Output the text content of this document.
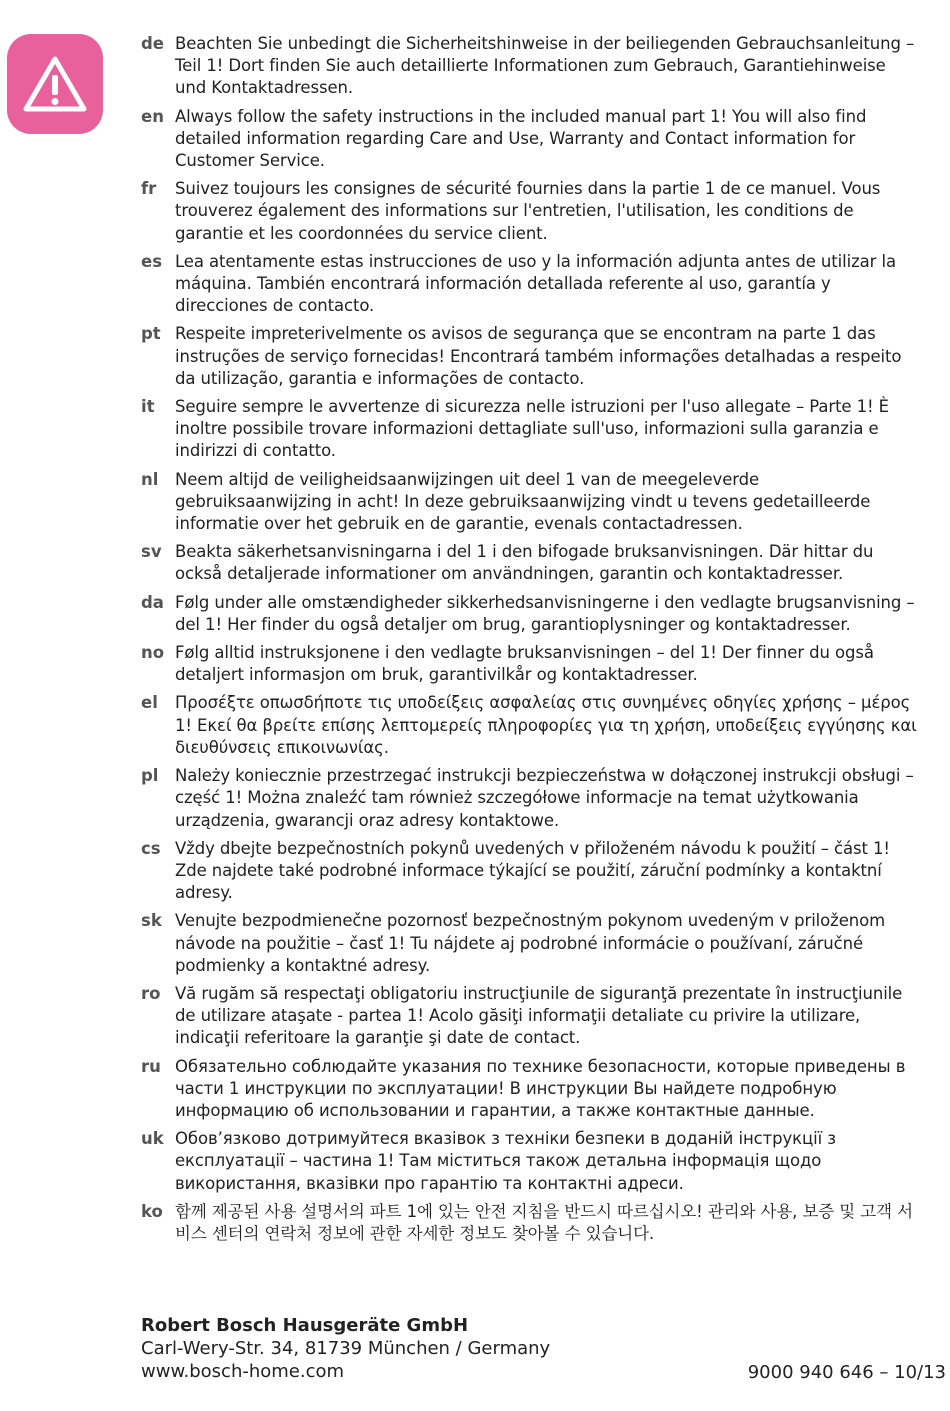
de Beachten Sie unbedingt die Sicherheitshinweise in der beiliegenden Gebrauchsanleitung – Teil 1! Dort finden Sie auch detaillierte Informationen zum Gebrauch, Garantiehinweise und Kontaktadressen.
en Always follow the safety instructions in the included manual part 1! You will also find detailed information regarding Care and Use, Warranty and Contact information for Customer Service.
fr	Suivez toujours les consignes de sécurité fournies dans la partie 1 de ce manuel. Vous trouverez également des informations sur l'entretien, l'utilisation, les conditions de garantie et les coordonnées du service client.
es Lea atentamente estas instrucciones de uso y la información adjunta antes de utilizar la máquina. También encontrará información detallada referente al uso, garantía y direcciones de contacto.
pt Respeite impreterivelmente os avisos de segurança que se encontram na parte 1 das instruções de serviço fornecidas! Encontrará também informações detalhadas a respeito da utilização, garantia e informações de contacto.
it	Seguire sempre le avvertenze di sicurezza nelle istruzioni per l'uso allegate – Parte 1! È inoltre possibile trovare informazioni dettagliate sull'uso, informazioni sulla garanzia e indirizzi di contatto.
nl	Neem altijd de veiligheidsaanwijzingen uit deel 1 van de meegeleverde gebruiksaanwijzing in acht! In deze gebruiksaanwijzing vindt u tevens gedetailleerde informatie over het gebruik en de garantie, evenals contactadressen.
sv Beakta säkerhetsanvisningarna i del 1 i den bifogade bruksanvisningen. Där hittar du också detaljerade informationer om användningen, garantin och kontaktadresser.
da Følg under alle omstændigheder sikkerhedsanvisningerne i den vedlagte brugsanvisning – del 1! Her finder du også detaljer om brug, garantioplysninger og kontaktadresser.
no Følg alltid instruksjonene i den vedlagte bruksanvisningen – del 1! Der finner du også detaljert informasjon om bruk, garantivilkår og kontaktadresser.
el	Προσέξτε οπωσδήποτε τις υποδείξεις ασφαλείας στις συνημένες οδηγίες χρήσης – μέρος 1! Εκεί θα βρείτε επίσης λεπτομερείς πληροφορίες για τη χρήση, υποδείξεις εγγύησης και διευθύνσεις επικοινωνίας.
pl	Należy koniecznie przestrzegać instrukcji bezpieczeństwa w dołączonej instrukcji obsługi – część 1! Można znaleźć tam również szczegółowe informacje na temat użytkowania urządzenia, gwarancji oraz adresy kontaktowe.
cs Vždy dbejte bezpečnostních pokynů uvedených v přiloženém návodu k použití – část 1! Zde najdete také podrobné informace týkající se použití, záruční podmínky a kontaktní adresy.
sk Venujte bezpodmienečne pozornosť bezpečnostným pokynom uvedeným v priloženom návode na použitie – časť 1! Tu nájdete aj podrobné informácie o používaní, záručné podmienky a kontaktné adresy.
ro Vă rugăm să respectaţi obligatoriu instrucţiunile de siguranţă prezentate în instrucţiunile de utilizare ataşate - partea 1! Acolo găsiţi informaţii detaliate cu privire la utilizare, indicaţii referitoare la garanţie şi date de contact.
ru Обязательно соблюдайте указания по технике безопасности, которые приведены в части 1 инструкции по эксплуатации! В инструкции Вы найдете подробную информацию об использовании и гарантии, а также контактные данные.
uk Обов’язково дотримуйтеся вказівок з техніки безпеки в доданій інструкції з експлуатації – частина 1! Там міститься також детальна інформація щодо використання, вказівки про гарантію та контактні адреси.
ko 함께 제공된 사용 설명서의 파트 1에 있는 안전 지침을 반드시 따르십시오! 관리와 사용, 보증 및 고객 서비스 센터의 연락처 정보에 관한 자세한 정보도 찾아볼 수 있습니다.
Robert Bosch Hausgeräte GmbH
Carl-Wery-Str. 34, 81739 München / Germany
www.bosch-home.com	9000 940 646 – 10/13
